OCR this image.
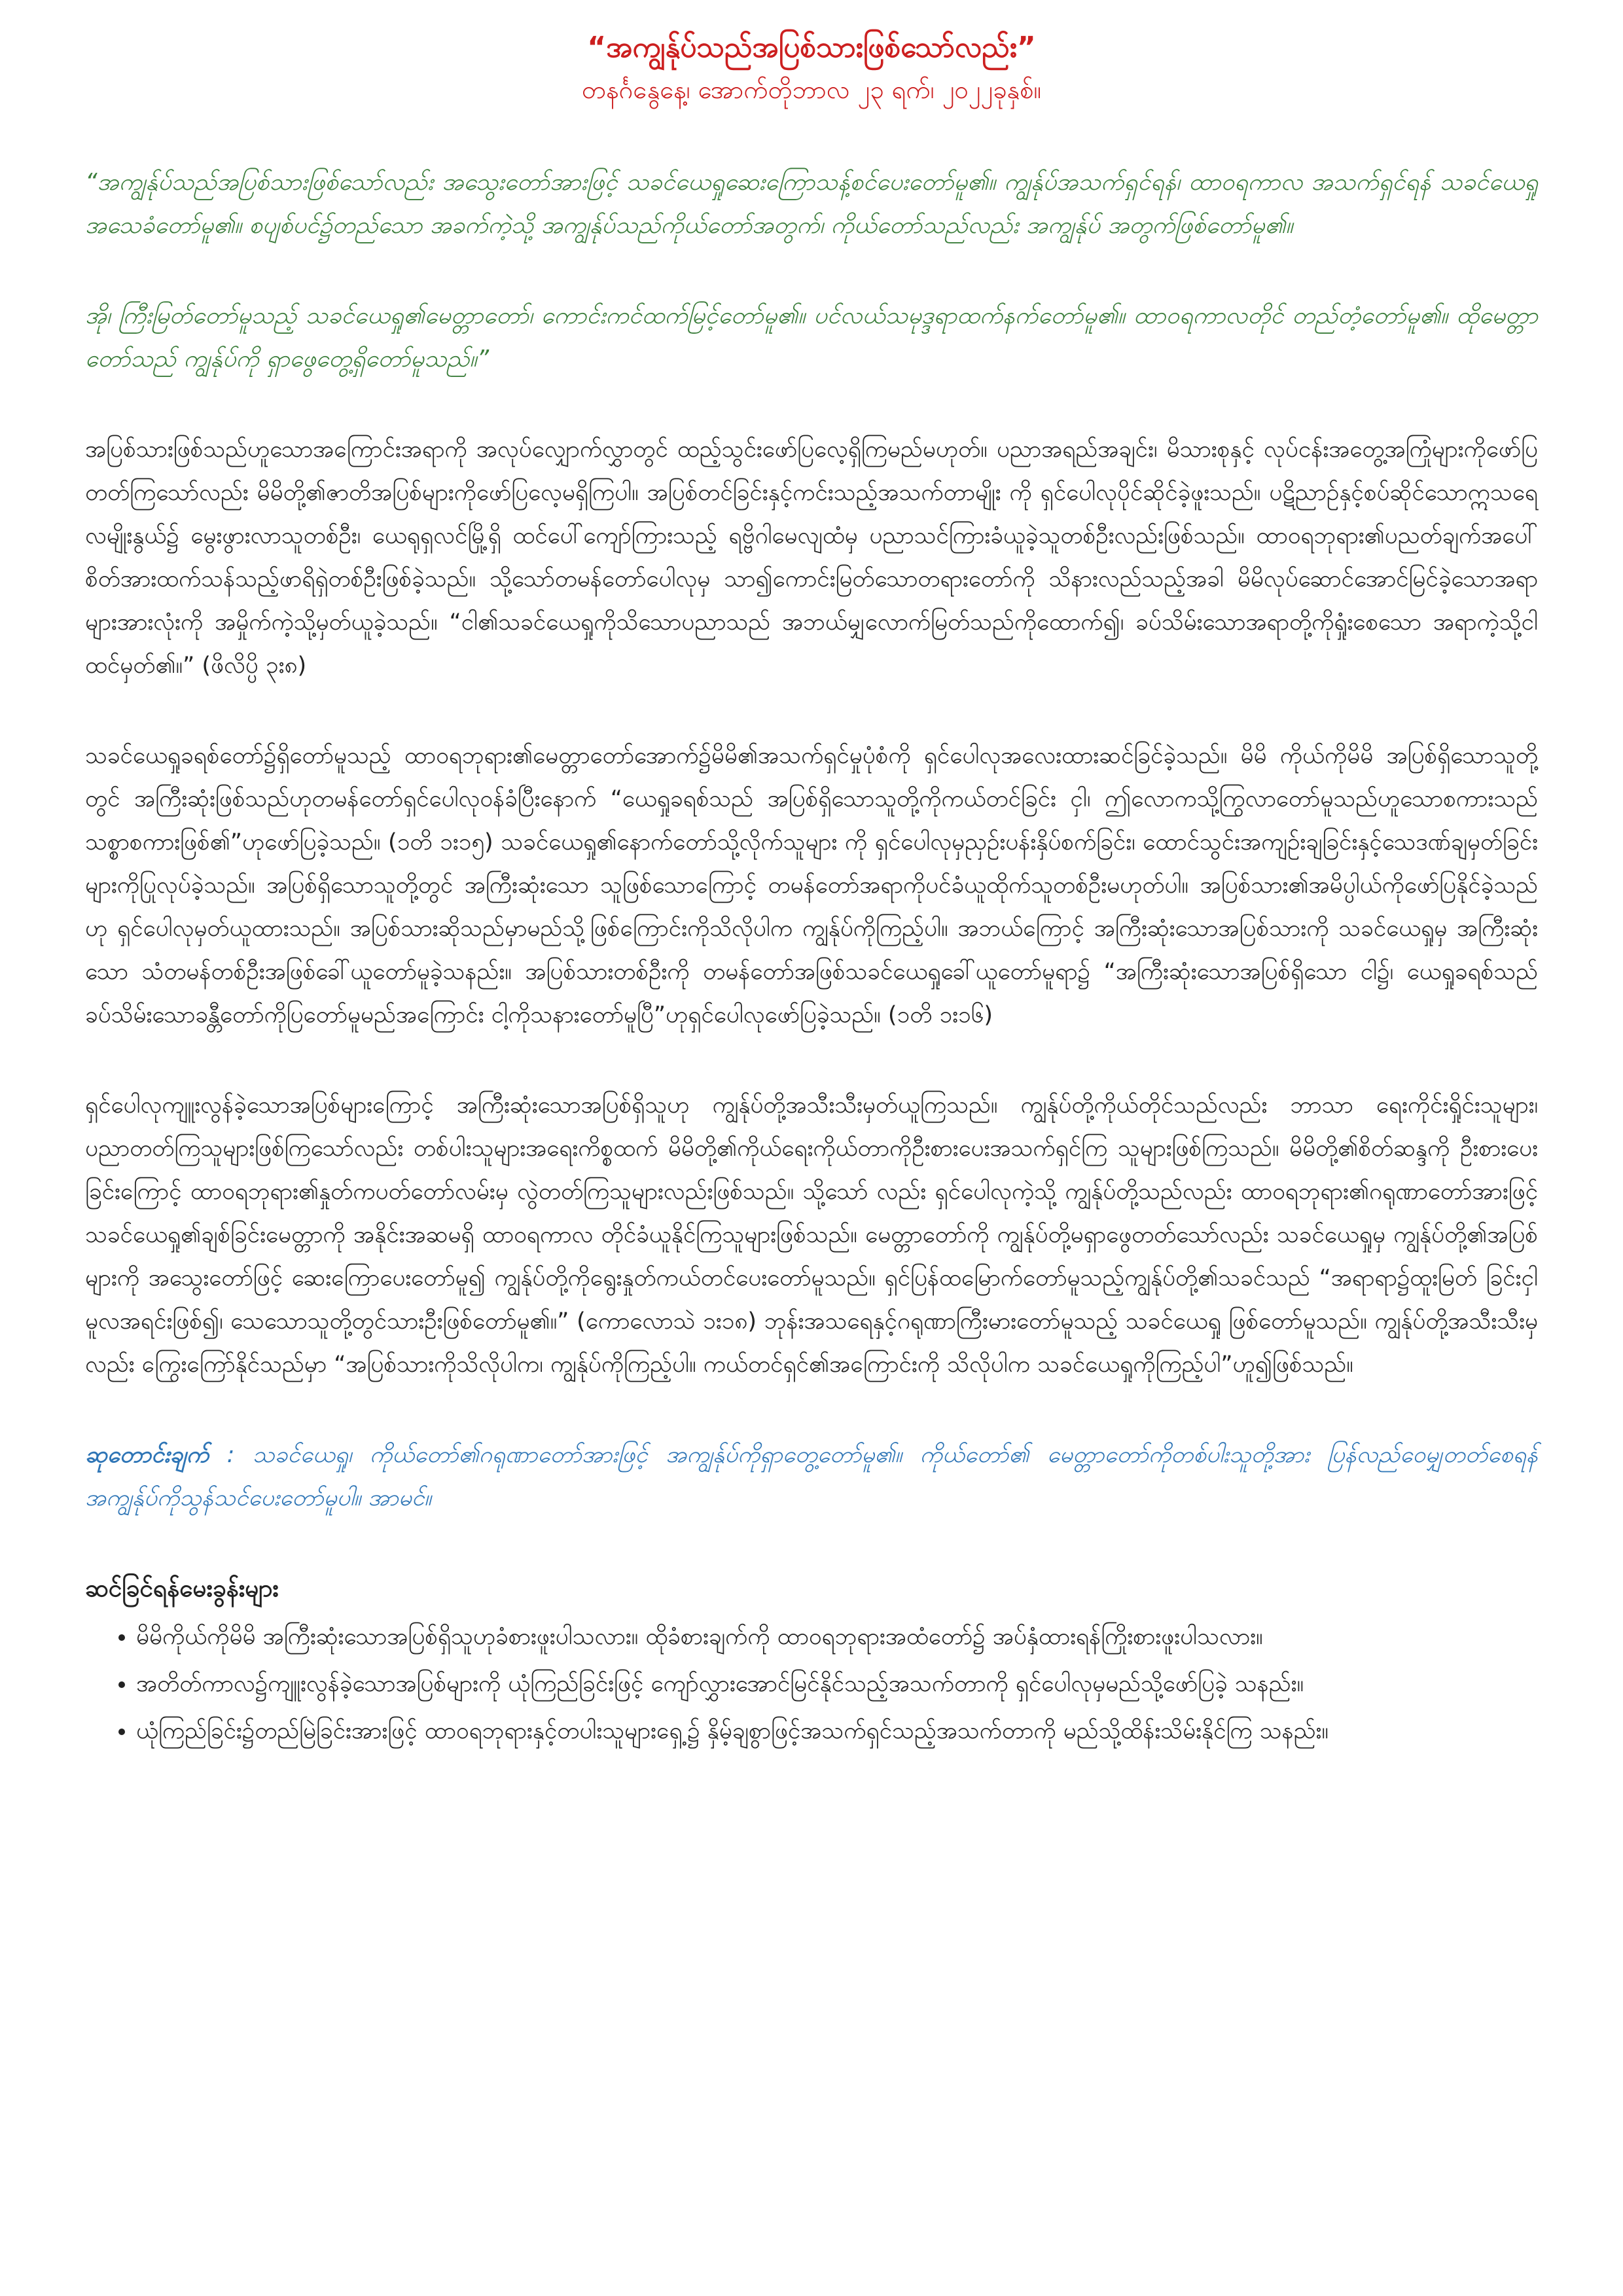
“အကျွန်ုပ်သည်အပြစ်သားဖြစ်သော်လည်း”

တနင်္ဂနွေနေ့၊ အောက်တိုဘာလ ၂၃ ရက်၊ ၂၀၂၂ခုနှစ်။

“အကျွန်ုပ်သည်အပြစ်သားဖြစ်သော်လည်း အသွေးတော်အားဖြင့် သခင်ယေရှုဆေးကြောသန့်စင်ပေးတော်မူ၏။ ကျွန်ုပ်အသက်ရှင်ရန်၊ ထာဝရကာလ အသက်ရှင်ရန် သခင်ယေရှုအသေခံတော်မူ၏။ စပျစ်ပင်၌တည်သော အခက်ကဲ့သို့ အကျွန်ုပ်သည်ကိုယ်တော်အတွက်၊ ကိုယ်တော်သည်လည်း အကျွန်ုပ် အတွက်ဖြစ်တော်မူ၏။

အို၊ ကြီးမြတ်တော်မူသည့် သခင်ယေရှု၏မေတ္တာတော်၊ ကောင်းကင်ထက်မြင့်တော်မူ၏။ ပင်လယ်သမုဒ္ဒရာထက်နက်တော်မူ၏။ ထာဝရကာလတိုင် တည်တံ့တော်မူ၏။ ထိုမေတ္တာတော်သည် ကျွန်ုပ်ကို ရှာဖွေတွေ့ရှိတော်မူသည်။”

အပြစ်သားဖြစ်သည်ဟူသောအကြောင်းအရာကို အလုပ်လျှောက်လွှာတွင် ထည့်သွင်းဖော်ပြလေ့ရှိကြမည်မဟုတ်။ ပညာအရည်အချင်း၊ မိသားစုနှင့် လုပ်ငန်းအတွေ့အကြုံများကိုဖော်ပြတတ်ကြသော်လည်း မိမိတို့၏ဇာတိအပြစ်များကိုဖော်ပြလေ့မရှိကြပါ။ အပြစ်တင်ခြင်းနှင့်ကင်းသည့်အသက်တာမျိုး ကို ရှင်ပေါလုပိုင်ဆိုင်ခဲ့ဖူးသည်။ ပဋိညာဉ်နှင့်စပ်ဆိုင်သောဣသရေလမျိုးနွယ်၌ မွေးဖွားလာသူတစ်ဦး၊ ယေရုရှလင်မြို့ရှိ ထင်ပေါ်ကျော်ကြားသည့် ရဗ္ဗိဂါမေလျထံမှ ပညာသင်ကြားခံယူခဲ့သူတစ်ဦးလည်းဖြစ်သည်။ ထာဝရဘုရား၏ပညတ်ချက်အပေါ် စိတ်အားထက်သန်သည့်ဖာရိရှဲတစ်ဦးဖြစ်ခဲ့သည်။ သို့သော်တမန်တော်ပေါလုမှ သာ၍ကောင်းမြတ်သောတရားတော်ကို သိနားလည်သည့်အခါ မိမိလုပ်ဆောင်အောင်မြင်ခဲ့သောအရာများအားလုံးကို အမှိုက်ကဲ့သို့မှတ်ယူခဲ့သည်။ “ငါ၏သခင်ယေရှုကိုသိသောပညာသည် အဘယ်မျှလောက်မြတ်သည်ကိုထောက်၍၊ ခပ်သိမ်းသောအရာတို့ကိုရှုံးစေသော အရာကဲ့သို့ငါထင်မှတ်၏။” (ဖိလိပ္ပိ ၃း၈)

သခင်ယေရှုခရစ်တော်၌ရှိတော်မူသည့် ထာဝရဘုရား၏မေတ္တာတော်အောက်၌မိမိ၏အသက်ရှင်မှုပုံစံကို ရှင်ပေါလုအလေးထားဆင်ခြင်ခဲ့သည်။ မိမိ ကိုယ်ကိုမိမိ အပြစ်ရှိသောသူတို့တွင် အကြီးဆုံးဖြစ်သည်ဟုတမန်တော်ရှင်ပေါလုဝန်ခံပြီးနောက် “ယေရှုခရစ်သည် အပြစ်ရှိသောသူတို့ကိုကယ်တင်ခြင်း ငှါ၊ ဤလောကသို့ကြွလာတော်မူသည်ဟူသောစကားသည် သစ္စာစကားဖြစ်၏”ဟုဖော်ပြခဲ့သည်။ (၁တိ ၁း၁၅) သခင်ယေရှု၏နောက်တော်သို့လိုက်သူများ ကို ရှင်ပေါလုမှညှဉ်းပန်းနှိပ်စက်ခြင်း၊ ထောင်သွင်းအကျဉ်းချခြင်းနှင့်သေဒဏ်ချမှတ်ခြင်းများကိုပြုလုပ်ခဲ့သည်။ အပြစ်ရှိသောသူတို့တွင် အကြီးဆုံးသော သူဖြစ်သောကြောင့် တမန်တော်အရာကိုပင်ခံယူထိုက်သူတစ်ဦးမဟုတ်ပါ။ အပြစ်သား၏အမိပ္ပါယ်ကိုဖော်ပြနိုင်ခဲ့သည်ဟု ရှင်ပေါလုမှတ်ယူထားသည်။ အပြစ်သားဆိုသည်မှာမည်သို့ဖြစ်ကြောင်းကိုသိလိုပါက ကျွန်ုပ်ကိုကြည့်ပါ။ အဘယ်ကြောင့် အကြီးဆုံးသောအပြစ်သားကို သခင်ယေရှုမှ အကြီးဆုံးသော သံတမန်တစ်ဦးအဖြစ်ခေါ်ယူတော်မူခဲ့သနည်း။ အပြစ်သားတစ်ဦးကို တမန်တော်အဖြစ်သခင်ယေရှုခေါ်ယူတော်မူရာ၌ “အကြီးဆုံးသောအပြစ်ရှိသော ငါ၌၊ ယေရှုခရစ်သည် ခပ်သိမ်းသောခန္တီတော်ကိုပြတော်မူမည်အကြောင်း ငါ့ကိုသနားတော်မူပြီ”ဟုရှင်ပေါလုဖော်ပြခဲ့သည်။ (၁တိ ၁း၁၆)

ရှင်ပေါလုကျူးလွန်ခဲ့သောအပြစ်များကြောင့် အကြီးဆုံးသောအပြစ်ရှိသူဟု ကျွန်ုပ်တို့အသီးသီးမှတ်ယူကြသည်။ ကျွန်ုပ်တို့ကိုယ်တိုင်သည်လည်း ဘာသာ ရေးကိုင်းရှိုင်းသူများ၊ ပညာတတ်ကြသူများဖြစ်ကြသော်လည်း တစ်ပါးသူများအရေးကိစ္စထက် မိမိတို့၏ကိုယ်ရေးကိုယ်တာကိုဦးစားပေးအသက်ရှင်ကြ သူများဖြစ်ကြသည်။ မိမိတို့၏စိတ်ဆန္ဒကို ဦးစားပေးခြင်းကြောင့် ထာဝရဘုရား၏နှုတ်ကပတ်တော်လမ်းမှ လွဲတတ်ကြသူများလည်းဖြစ်သည်။ သို့သော် လည်း ရှင်ပေါလုကဲ့သို့ ကျွန်ုပ်တို့သည်လည်း ထာဝရဘုရား၏ဂရုဏာတော်အားဖြင့် သခင်ယေရှု၏ချစ်ခြင်းမေတ္တာကို အနိုင်းအဆမရှိ ထာဝရကာလ တိုင်ခံယူနိုင်ကြသူများဖြစ်သည်။ မေတ္တာတော်ကို ကျွန်ုပ်တို့မရှာဖွေတတ်သော်လည်း သခင်ယေရှုမှ ကျွန်ုပ်တို့၏အပြစ်များကို အသွေးတော်ဖြင့် ဆေးကြောပေးတော်မူ၍ ကျွန်ုပ်တို့ကိုရွေးနှုတ်ကယ်တင်ပေးတော်မူသည်။ ရှင်ပြန်ထမြောက်တော်မူသည့်ကျွန်ုပ်တို့၏သခင်သည် “အရာရာ၌ထူးမြတ် ခြင်းငှါ မူလအရင်းဖြစ်၍၊ သေသောသူတို့တွင်သားဦးဖြစ်တော်မူ၏။” (ကောလောသဲ ၁း၁၈) ဘုန်းအသရေနှင့်ဂရုဏာကြီးမားတော်မူသည့် သခင်ယေရှု ဖြစ်တော်မူသည်။ ကျွန်ုပ်တို့အသီးသီးမှလည်း ကြွေးကြော်နိုင်သည်မှာ “အပြစ်သားကိုသိလိုပါက၊ ကျွန်ုပ်ကိုကြည့်ပါ။ ကယ်တင်ရှင်၏အကြောင်းကို သိလိုပါက သခင်ယေရှုကိုကြည့်ပါ”ဟူ၍ဖြစ်သည်။

ဆုတောင်းချက် : သခင်ယေရှု၊ ကိုယ်တော်၏ဂရုဏာတော်အားဖြင့် အကျွန်ုပ်ကိုရှာတွေ့တော်မူ၏။ ကိုယ်တော်၏ မေတ္တာတော်ကိုတစ်ပါးသူတို့အား ပြန်လည်ဝေမျှတတ်စေရန် အကျွန်ုပ်ကိုသွန်သင်ပေးတော်မူပါ။ အာမင်။

ဆင်ခြင်ရန်မေးခွန်းများ
• မိမိကိုယ်ကိုမိမိ အကြီးဆုံးသောအပြစ်ရှိသူဟုခံစားဖူးပါသလား။ ထိုခံစားချက်ကို ထာဝရဘုရားအထံတော်၌ အပ်နှံထားရန်ကြိုးစားဖူးပါသလား။
• အတိတ်ကာလ၌ကျူးလွန်ခဲ့သောအပြစ်များကို ယုံကြည်ခြင်းဖြင့် ကျော်လွှားအောင်မြင်နိုင်သည့်အသက်တာကို ရှင်ပေါလုမှမည်သို့ဖော်ပြခဲ့ သနည်း။
• ယုံကြည်ခြင်း၌တည်မြဲခြင်းအားဖြင့် ထာဝရဘုရားနှင့်တပါးသူများရှေ့၌ နှိမ့်ချစွာဖြင့်အသက်ရှင်သည့်အသက်တာကို မည်သို့ထိန်းသိမ်းနိုင်ကြ သနည်း။
